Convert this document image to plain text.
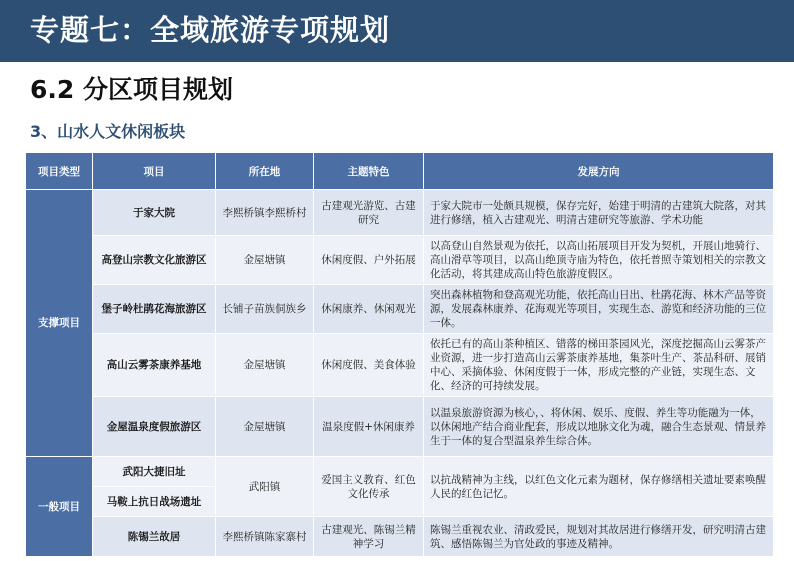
专题七：全域旅游专项规划
6.2 分区项目规划
3、山水人文休闲板块
项目类型	项目	所在地	主题特色	发展方向
支撑项目	于家大院	李熙桥镇李熙桥村	古建观光游览、古建研究	于家大院市一处颇具规模，保存完好，始建于明清的古建筑大院落，对其进行修缮，植入古建观光、明清古建研究等旅游、学术功能
	高登山宗教文化旅游区	金屋塘镇	休闲度假、户外拓展	以高登山自然景观为依托，以高山拓展项目开发为契机，开展山地骑行、高山滑草等项目，以高山绝顶寺庙为特色，依托普照寺策划相关的宗教文化活动，将其建成高山特色旅游度假区。
	堡子岭杜鹃花海旅游区	长铺子苗族侗族乡	休闲康养、休闲观光	突出森林植物和登高观光功能，依托高山日出、杜鹃花海、林木产品等资源，发展森林康养、花海观光等项目，实现生态、游览和经济功能的三位一体。
	高山云雾茶康养基地	金屋塘镇	休闲度假、美食体验	依托已有的高山茶种植区、错落的梯田茶园风光，深度挖掘高山云雾茶产业资源，进一步打造高山云雾茶康养基地，集茶叶生产、茶品科研、展销中心、采摘体验、休闲度假于一体，形成完整的产业链，实现生态、文化、经济的可持续发展。
	金屋温泉度假旅游区	金屋塘镇	温泉度假+休闲康养	以温泉旅游资源为核心，、将休闲、娱乐、度假、养生等功能融为一体，以休闲地产结合商业配套，形成以地脉文化为魂，融合生态景观、情景养生于一体的复合型温泉养生综合体。
一般项目	武阳大捷旧址	武阳镇	爱国主义教育、红色文化传承	以抗战精神为主线，以红色文化元素为题材，保存修缮相关遗址要素唤醒人民的红色记忆。
	马鞍上抗日战场遗址			
	陈锡兰故居	李熙桥镇陈家寨村	古建观光、陈锡兰精神学习	陈锡兰重视农业、清政爱民，规划对其故居进行修缮开发，研究明清古建筑、感悟陈锡兰为官处政的事迹及精神。
